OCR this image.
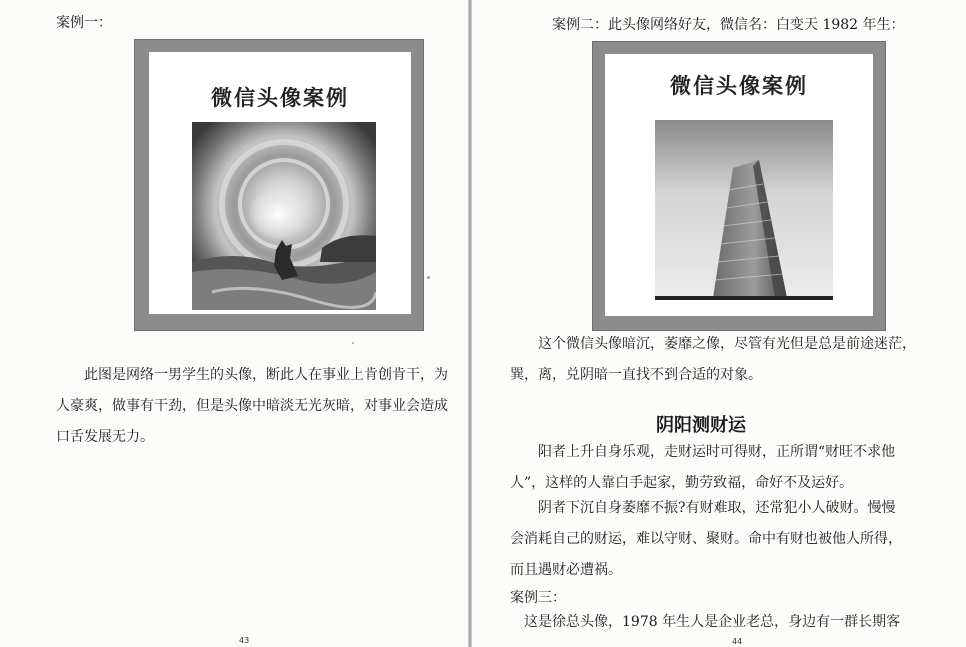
案例一：
微信头像案例
此图是网络一男学生的头像，断此人在事业上肯创肯干，为
人豪爽，做事有干劲，但是头像中暗淡无光灰暗，对事业会造成
口舌发展无力。
43
案例二：此头像网络好友，微信名：白变天 1982 年生：
微信头像案例
这个微信头像暗沉，萎靡之像，尽管有光但是总是前途迷茫，
巽，离，兑阴暗一直找不到合适的对象。
阴阳测财运
阳者上升自身乐观，走财运时可得财，正所谓“财旺不求他
人”，这样的人靠白手起家，勤劳致福，命好不及运好。
阴者下沉自身萎靡不振?有财难取，还常犯小人破财。慢慢
会消耗自己的财运，难以守财、聚财。命中有财也被他人所得，
而且遇财必遭祸。
案例三：
这是徐总头像，1978 年生人是企业老总，身边有一群长期客
44
